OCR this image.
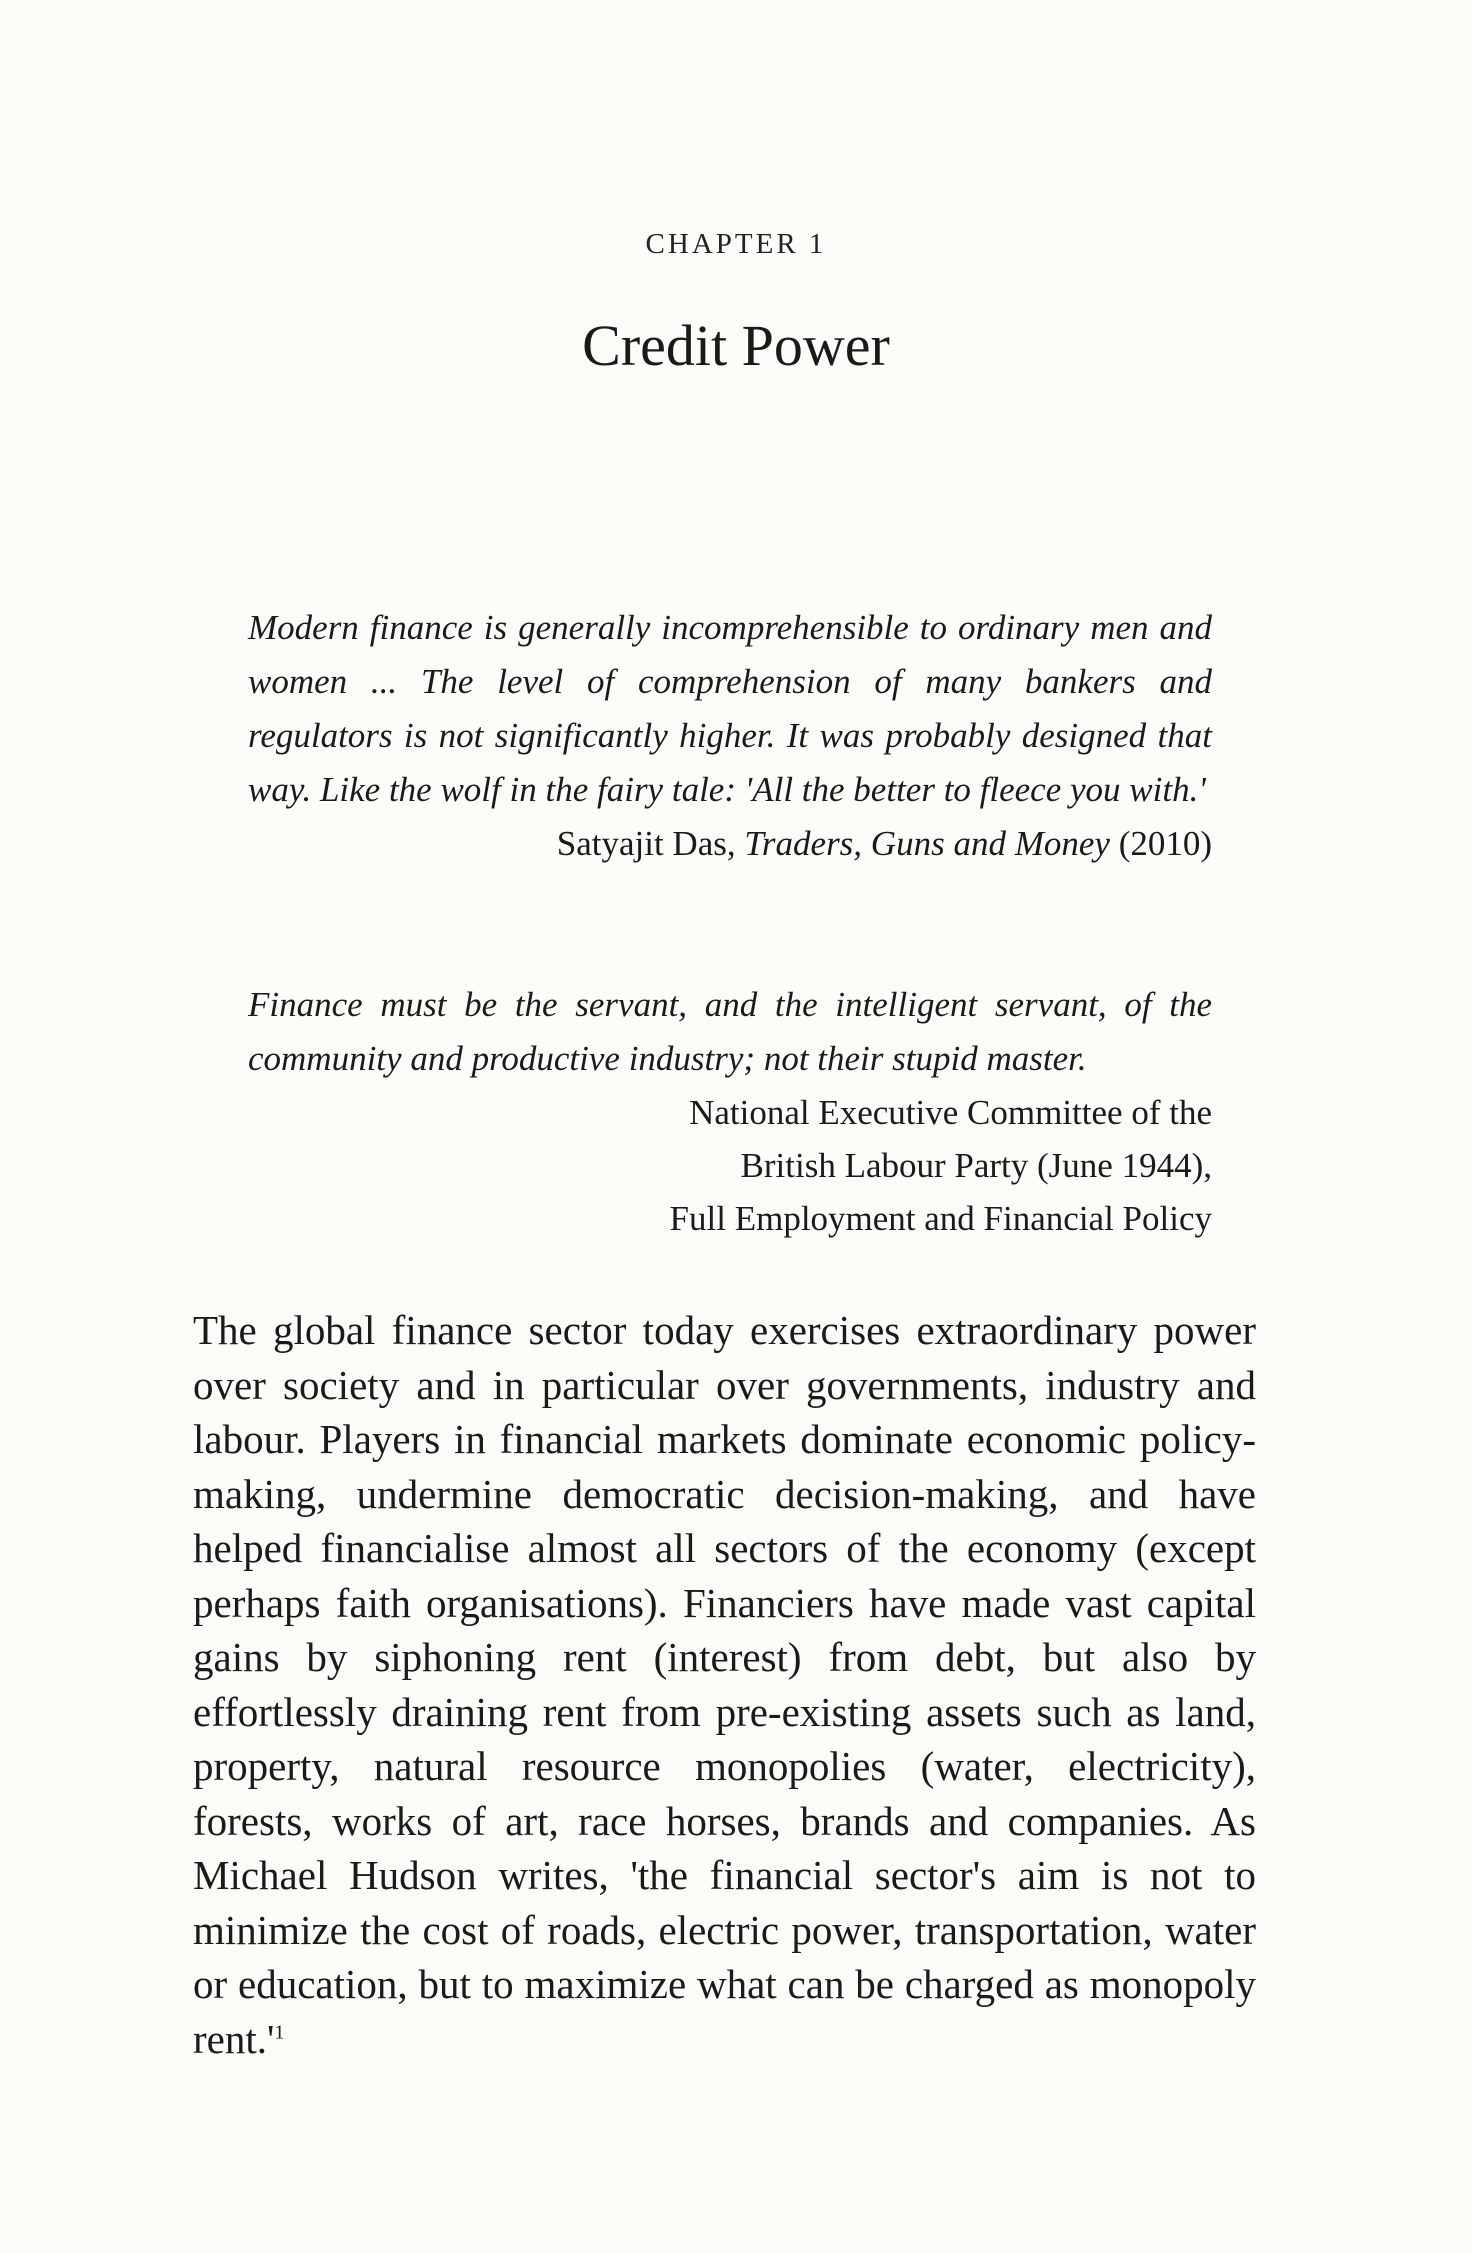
CHAPTER 1
Credit Power

Modern finance is generally incomprehensible to ordinary men and women ... The level of comprehension of many bankers and regulators is not significantly higher. It was probably designed that way. Like the wolf in the fairy tale: 'All the better to fleece you with.'

Satyajit Das, Traders, Guns and Money (2010)

Finance must be the servant, and the intelligent servant, of the community and productive industry; not their stupid master.

National Executive Committee of the

British Labour Party (June 1944),

Full Employment and Financial Policy

The global finance sector today exercises extraordinary power over society and in particular over governments, industry and labour. Players in financial markets dominate economic policy-making, undermine democratic decision-making, and have helped financialise almost all sectors of the economy (except perhaps faith organisations). Financiers have made vast capital gains by siphoning rent (interest) from debt, but also by effortlessly draining rent from pre-existing assets such as land, property, natural resource monopolies (water, electricity), forests, works of art, race horses, brands and companies. As Michael Hudson writes, 'the financial sector's aim is not to minimize the cost of roads, electric power, transportation, water or education, but to maximize what can be charged as monopoly rent.'$^1$
